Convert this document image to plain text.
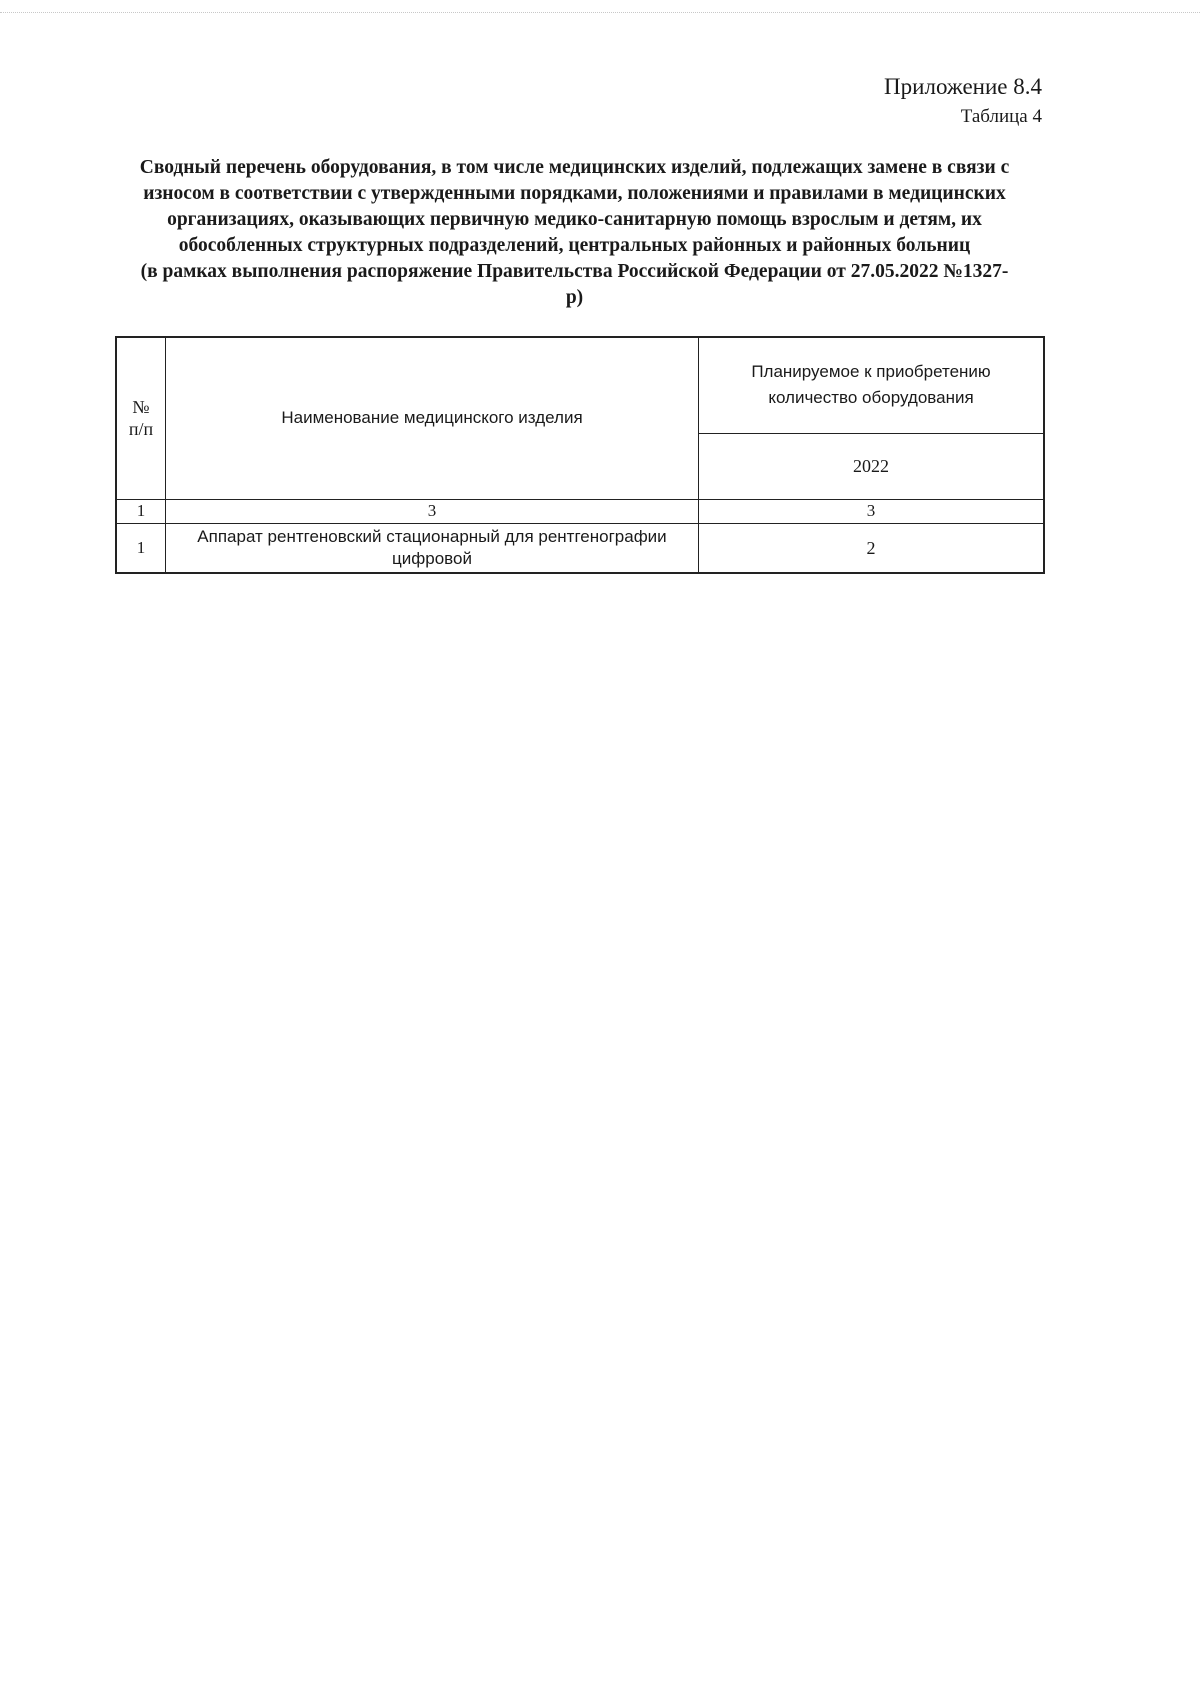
Приложение 8.4
Таблица 4
Сводный перечень оборудования, в том числе медицинских изделий, подлежащих замене в связи с
износом в соответствии с утвержденными порядками, положениями и правилами в медицинских
организациях, оказывающих первичную медико-санитарную помощь взрослым и детям, их
обособленных структурных подразделений, центральных районных и районных больниц
(в рамках выполнения распоряжение Правительства Российской Федерации от 27.05.2022 №1327-
р)
№ п/п	Наименование медицинского изделия	Планируемое к приобретению количество оборудования
		2022
1	3	3
1	Аппарат рентгеновский стационарный для рентгенографии цифровой	2
